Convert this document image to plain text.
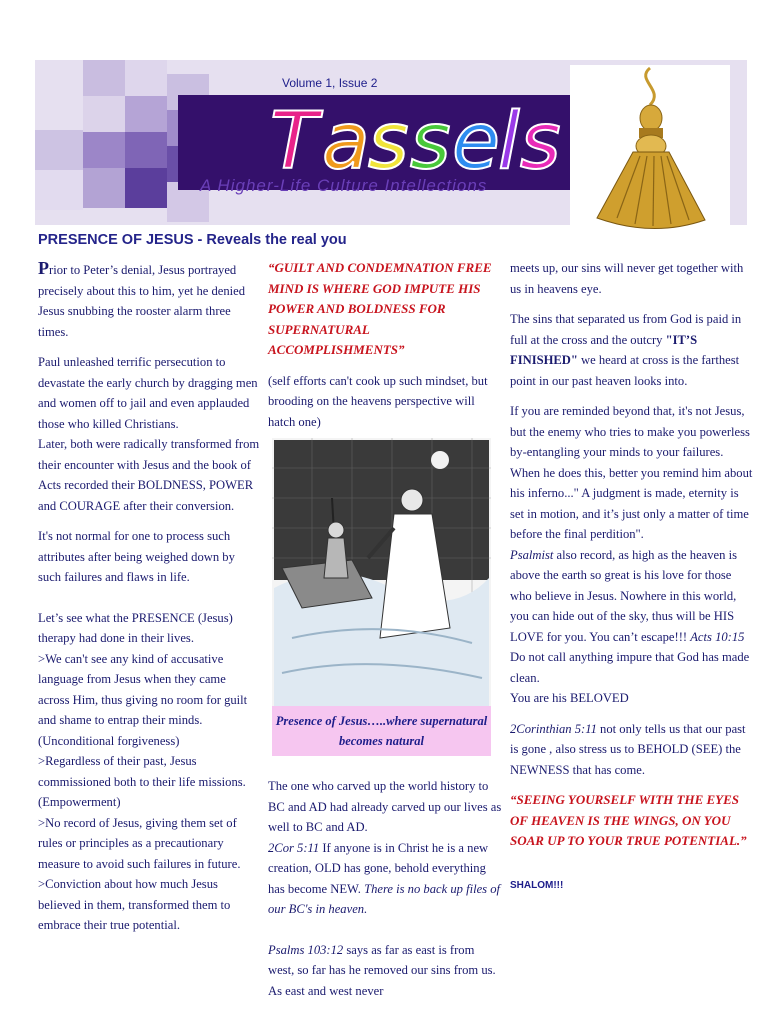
Volume 1, Issue 2
T a
s s e
l s
A Higher-Life Culture Intellections
PRESENCE OF JESUS - Reveals the real you

Prior to Peter’s denial, Jesus portrayed precisely about this to him, yet he denied Jesus snubbing the rooster alarm three times.

Paul unleashed terrific persecution to devastate the early church by dragging men and women off to jail and even applauded those who killed Christians.

Later, both were radically transformed from their encounter with Jesus and the book of Acts recorded their BOLDNESS, POWER and COURAGE after their conversion.

It's not normal for one to process such attributes after being weighed down by such failures and flaws in life.

Let’s see what the PRESENCE (Jesus) therapy had done in their lives.

>We can't see any kind of accusative language from Jesus when they came across Him, thus giving no room for guilt and shame to entrap their minds. (Unconditional forgiveness)

>Regardless of their past, Jesus commissioned both to their life missions. (Empowerment)

>No record of Jesus, giving them set of rules or principles as a precautionary measure to avoid such failures in future.

>Conviction about how much Jesus believed in them, transformed them to embrace their true potential.

“GUILT AND CONDEMNATION FREE MIND IS WHERE GOD IMPUTE HIS POWER AND BOLDNESS FOR SUPERNATURAL ACCOMPLISHMENTS”

(self efforts can't cook up such mindset, but brooding on the heavens perspective will hatch one)

Presence of Jesus…..where supernatural becomes natural

The one who carved up the world history to BC and AD had already carved up our lives as well to BC and AD.

2Cor 5:11 If anyone is in Christ he is a new creation, OLD has gone, behold everything has become NEW. There is no back up files of our BC's in heaven.

Psalms 103:12 says as far as east is from west, so far has he removed our sins from us. As east and west never

meets up, our sins will never get together with us in heavens eye.

The sins that separated us from God is paid in full at the cross and the outcry "IT’S FINISHED" we heard at cross is the farthest point in our past heaven looks into.

If you are reminded beyond that, it's not Jesus, but the enemy who tries to make you powerless by-entangling your minds to your failures. When he does this, better you remind him about his inferno..." A judgment is made, eternity is set in motion, and it’s just only a matter of time before the final perdition".

Psalmist also record, as high as the heaven is above the earth so great is his love for those who believe in Jesus. Nowhere in this world, you can hide out of the sky, thus will be HIS LOVE for you. You can’t escape!!! Acts 10:15 Do not call anything impure that God has made clean.

You are his BELOVED

2Corinthian 5:11 not only tells us that our past is gone , also stress us to BEHOLD (SEE) the NEWNESS that has come.

“SEEING YOURSELF WITH THE EYES OF HEAVEN IS THE WINGS, ON YOU SOAR UP TO YOUR TRUE POTENTIAL.”

SHALOM!!!
